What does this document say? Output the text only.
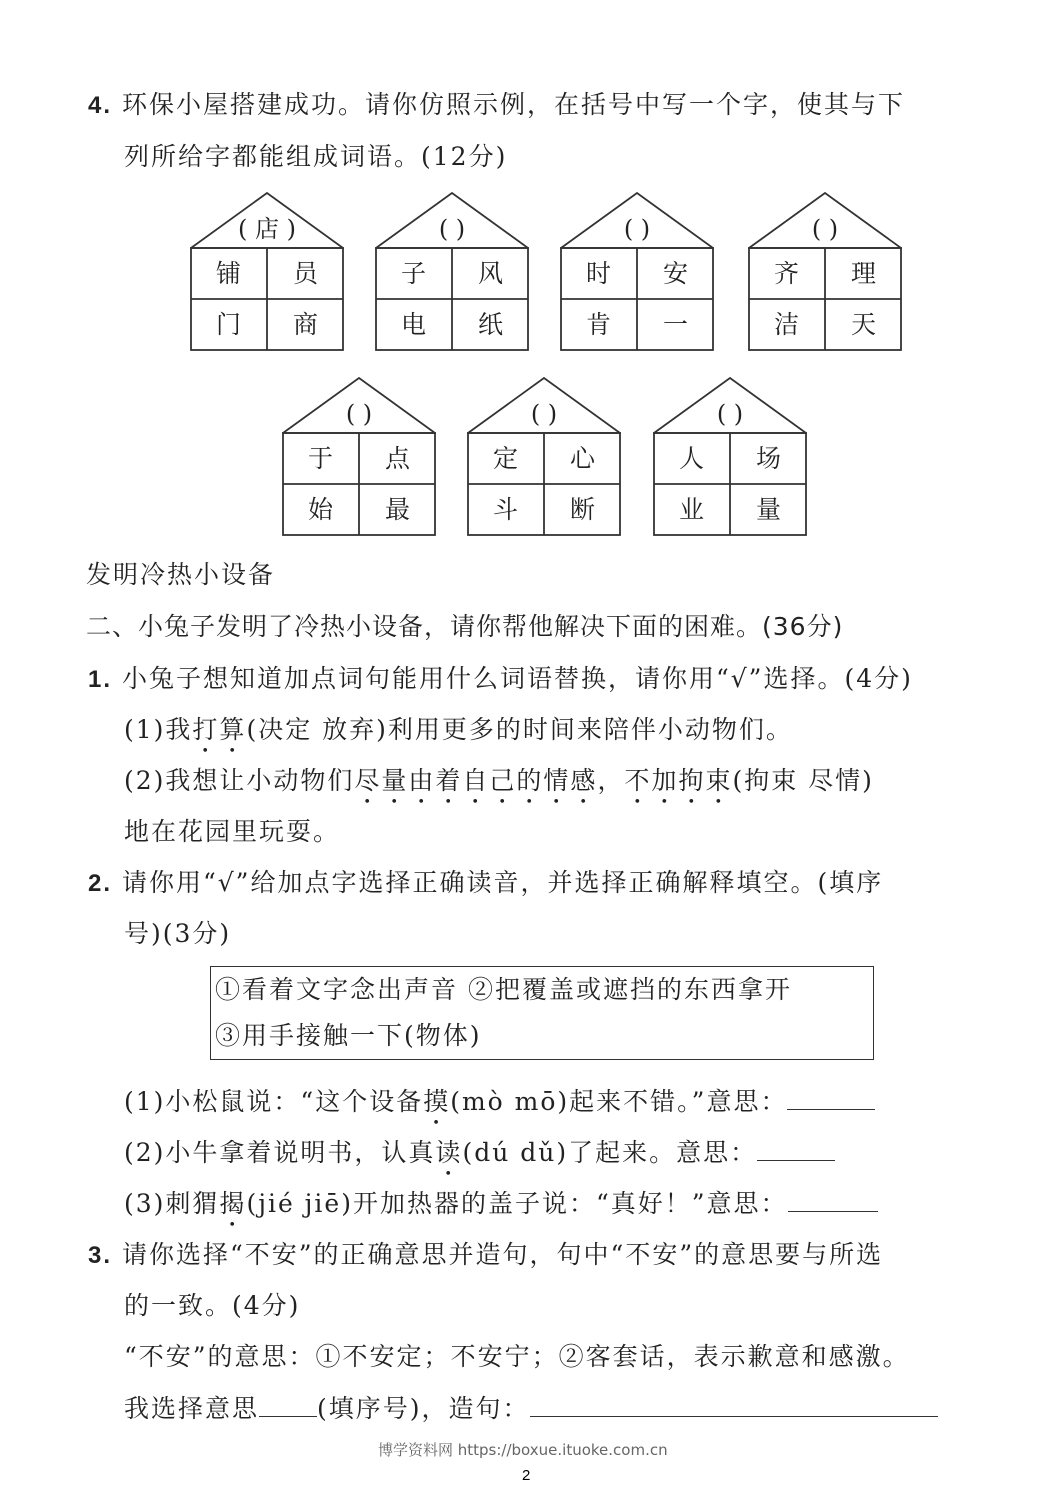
4. 环保小屋搭建成功。请你仿照示例，在括号中写一个字，使其与下
列所给字都能组成词语。(12分)
( 店 )
铺	员
门	商
( )
子	风
电	纸
( )
时	安
肯	一
( )
齐	理
洁	天
( )
于	点
始	最
( )
定	心
斗	断
( )
人	场
业	量
发明冷热小设备
二、小兔子发明了冷热小设备，请你帮他解决下面的困难。(36分)
1. 小兔子想知道加点词句能用什么词语替换，请你用“√”选择。(4分)
(1)我打算(决定 放弃)利用更多的时间来陪伴小动物们。
(2)我想让小动物们尽量由着自己的情感，不加拘束(拘束 尽情)
地在花园里玩耍。
2. 请你用“√”给加点字选择正确读音，并选择正确解释填空。(填序
号)(3分)
①看着文字念出声音 ②把覆盖或遮挡的东西拿开
③用手接触一下(物体)
(1)小松鼠说：“这个设备摸(mò mō)起来不错。”意思：
(2)小牛拿着说明书，认真读(dú dǔ)了起来。意思：
(3)刺猬揭(jié jiē)开加热器的盖子说：“真好！”意思：
3. 请你选择“不安”的正确意思并造句，句中“不安”的意思要与所选
的一致。(4分)
“不安”的意思：①不安定；不安宁；②客套话，表示歉意和感激。
我选择意思 (填序号)，造句：
博学资料网 https://boxue.ituoke.com.cn
2
